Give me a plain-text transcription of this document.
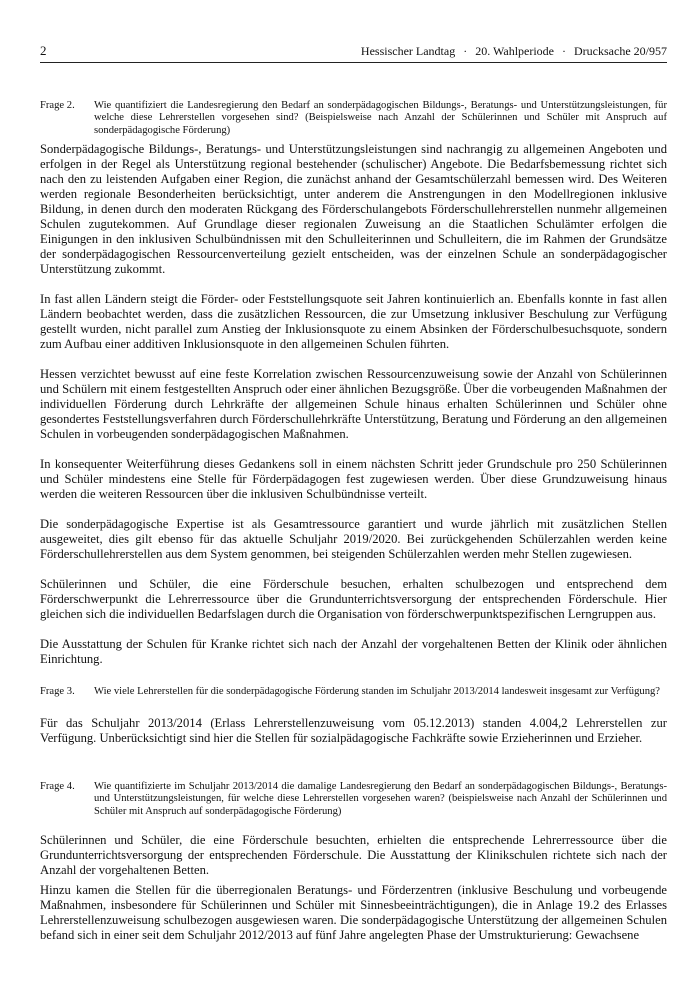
2	Hessischer Landtag · 20. Wahlperiode · Drucksache 20/957
Frage 2.	Wie quantifiziert die Landesregierung den Bedarf an sonderpädagogischen Bildungs-, Beratungs- und Unterstützungsleistungen, für welche diese Lehrerstellen vorgesehen sind? (Beispielsweise nach Anzahl der Schülerinnen und Schüler mit Anspruch auf sonderpädagogische Förderung)

Sonderpädagogische Bildungs-, Beratungs- und Unterstützungsleistungen sind nachrangig zu allgemeinen Angeboten und erfolgen in der Regel als Unterstützung regional bestehender (schulischer) Angebote. Die Bedarfsbemessung richtet sich nach den zu leistenden Aufgaben einer Region, die zunächst anhand der Gesamtschülerzahl bemessen wird. Des Weiteren werden regionale Besonderheiten berücksichtigt, unter anderem die Anstrengungen in den Modellregionen inklusive Bildung, in denen durch den moderaten Rückgang des Förderschulangebots Förderschullehrerstellen nunmehr allgemeinen Schulen zugutekommen. Auf Grundlage dieser regionalen Zuweisung an die Staatlichen Schulämter erfolgen die Einigungen in den inklusiven Schulbündnissen mit den Schulleiterinnen und Schulleitern, die im Rahmen der Grundsätze der sonderpädagogischen Ressourcenverteilung gezielt entscheiden, was der einzelnen Schule an sonderpädagogischer Unterstützung zukommt.

In fast allen Ländern steigt die Förder- oder Feststellungsquote seit Jahren kontinuierlich an. Ebenfalls konnte in fast allen Ländern beobachtet werden, dass die zusätzlichen Ressourcen, die zur Umsetzung inklusiver Beschulung zur Verfügung gestellt wurden, nicht parallel zum Anstieg der Inklusionsquote zu einem Absinken der Förderschulbesuchsquote, sondern zum Aufbau einer additiven Inklusionsquote in den allgemeinen Schulen führten.

Hessen verzichtet bewusst auf eine feste Korrelation zwischen Ressourcenzuweisung sowie der Anzahl von Schülerinnen und Schülern mit einem festgestellten Anspruch oder einer ähnlichen Bezugsgröße. Über die vorbeugenden Maßnahmen der individuellen Förderung durch Lehrkräfte der allgemeinen Schule hinaus erhalten Schülerinnen und Schüler ohne gesondertes Feststellungsverfahren durch Förderschullehrkräfte Unterstützung, Beratung und Förderung an den allgemeinen Schulen in vorbeugenden sonderpädagogischen Maßnahmen.

In konsequenter Weiterführung dieses Gedankens soll in einem nächsten Schritt jeder Grundschule pro 250 Schülerinnen und Schüler mindestens eine Stelle für Förderpädagogen fest zugewiesen werden. Über diese Grundzuweisung hinaus werden die weiteren Ressourcen über die inklusiven Schulbündnisse verteilt.

Die sonderpädagogische Expertise ist als Gesamtressource garantiert und wurde jährlich mit zusätzlichen Stellen ausgeweitet, dies gilt ebenso für das aktuelle Schuljahr 2019/2020. Bei zurückgehenden Schülerzahlen werden keine Förderschullehrerstellen aus dem System genommen, bei steigenden Schülerzahlen werden mehr Stellen zugewiesen.

Schülerinnen und Schüler, die eine Förderschule besuchen, erhalten schulbezogen und entsprechend dem Förderschwerpunkt die Lehrerressource über die Grundunterrichtsversorgung der entsprechenden Förderschule. Hier gleichen sich die individuellen Bedarfslagen durch die Organisation von förderschwerpunktspezifischen Lerngruppen aus.

Die Ausstattung der Schulen für Kranke richtet sich nach der Anzahl der vorgehaltenen Betten der Klinik oder ähnlichen Einrichtung.

Frage 3.	Wie viele Lehrerstellen für die sonderpädagogische Förderung standen im Schuljahr 2013/2014 landesweit insgesamt zur Verfügung?

Für das Schuljahr 2013/2014 (Erlass Lehrerstellenzuweisung vom 05.12.2013) standen 4.004,2 Lehrerstellen zur Verfügung. Unberücksichtigt sind hier die Stellen für sozialpädagogische Fachkräfte sowie Erzieherinnen und Erzieher.

Frage 4.	Wie quantifizierte im Schuljahr 2013/2014 die damalige Landesregierung den Bedarf an sonderpädagogischen Bildungs-, Beratungs- und Unterstützungsleistungen, für welche diese Lehrerstellen vorgesehen waren? (beispielsweise nach Anzahl der Schülerinnen und Schüler mit Anspruch auf sonderpädagogische Förderung)

Schülerinnen und Schüler, die eine Förderschule besuchten, erhielten die entsprechende Lehrerressource über die Grundunterrichtsversorgung der entsprechenden Förderschule. Die Ausstattung der Klinikschulen richtete sich nach der Anzahl der vorgehaltenen Betten.

Hinzu kamen die Stellen für die überregionalen Beratungs- und Förderzentren (inklusive Beschulung und vorbeugende Maßnahmen, insbesondere für Schülerinnen und Schüler mit Sinnesbeeinträchtigungen), die in Anlage 19.2 des Erlasses Lehrerstellenzuweisung schulbezogen ausgewiesen waren. Die sonderpädagogische Unterstützung der allgemeinen Schulen befand sich in einer seit dem Schuljahr 2012/2013 auf fünf Jahre angelegten Phase der Umstrukturierung: Gewachsene
